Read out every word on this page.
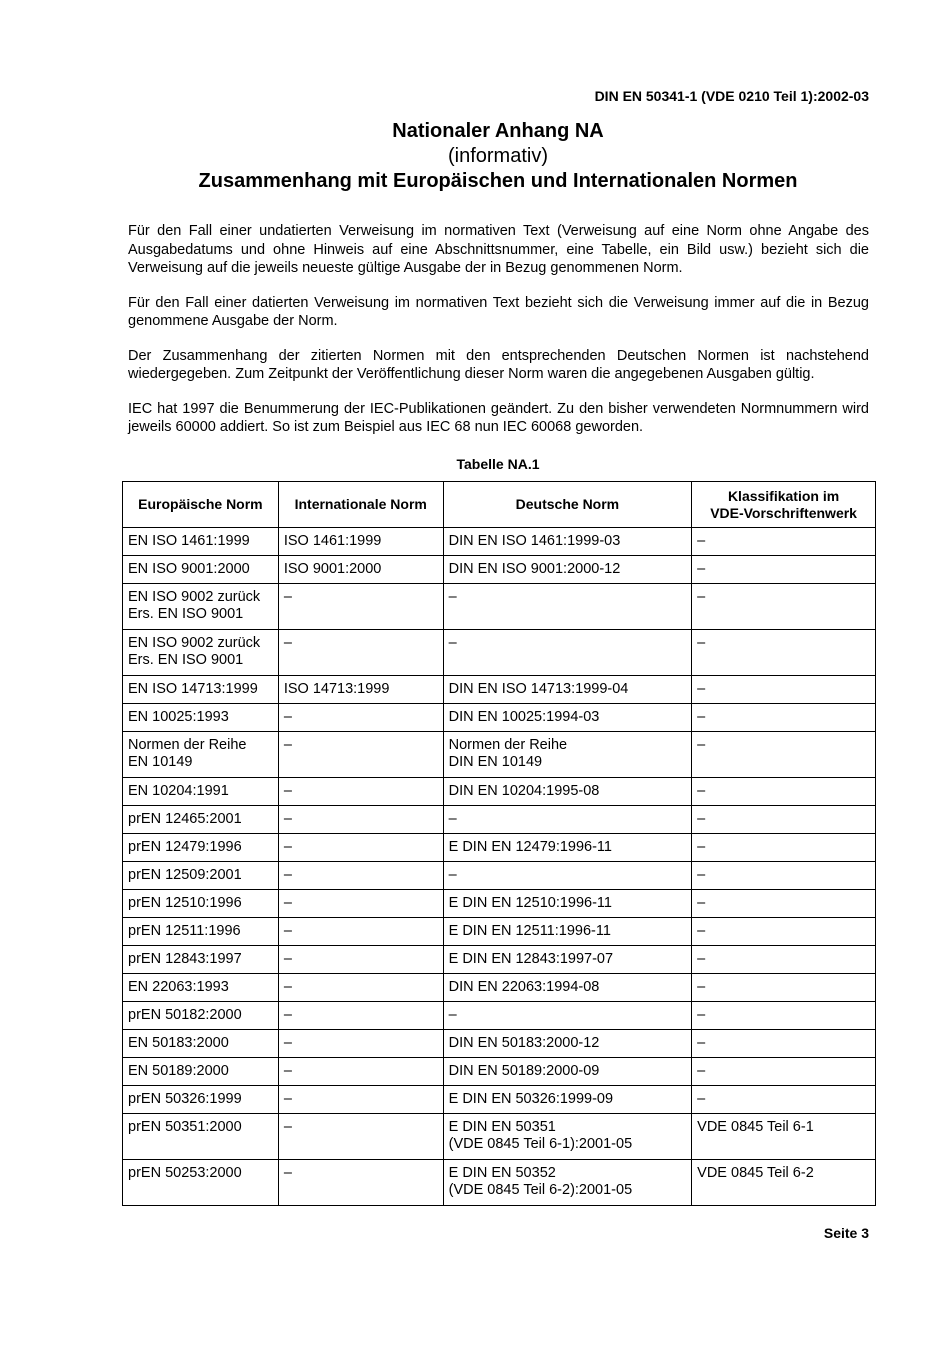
DIN EN 50341-1 (VDE 0210 Teil 1):2002-03
Nationaler Anhang NA
(informativ)
Zusammenhang mit Europäischen und Internationalen Normen

Für den Fall einer undatierten Verweisung im normativen Text (Verweisung auf eine Norm ohne Angabe des Ausgabedatums und ohne Hinweis auf eine Abschnittsnummer, eine Tabelle, ein Bild usw.) bezieht sich die Verweisung auf die jeweils neueste gültige Ausgabe der in Bezug genommenen Norm.

Für den Fall einer datierten Verweisung im normativen Text bezieht sich die Verweisung immer auf die in Bezug genommene Ausgabe der Norm.

Der Zusammenhang der zitierten Normen mit den entsprechenden Deutschen Normen ist nachstehend wiedergegeben. Zum Zeitpunkt der Veröffentlichung dieser Norm waren die angegebenen Ausgaben gültig.

IEC hat 1997 die Benummerung der IEC-Publikationen geändert. Zu den bisher verwendeten Normnummern wird jeweils 60000 addiert. So ist zum Beispiel aus IEC 68 nun IEC 60068 geworden.

Tabelle NA.1
Europäische Norm	Internationale Norm	Deutsche Norm	Klassifikation im
VDE-Vorschriftenwerk
EN ISO 1461:1999	ISO 1461:1999	DIN EN ISO 1461:1999-03	–
EN ISO 9001:2000	ISO 9001:2000	DIN EN ISO 9001:2000-12	–
EN ISO 9002 zurück
Ers. EN ISO 9001	–	–	–
EN ISO 9002 zurück
Ers. EN ISO 9001	–	–	–
EN ISO 14713:1999	ISO 14713:1999	DIN EN ISO 14713:1999-04	–
EN 10025:1993	–	DIN EN 10025:1994-03	–
Normen der Reihe
EN 10149	–	Normen der Reihe
DIN EN 10149	–
EN 10204:1991	–	DIN EN 10204:1995-08	–
prEN 12465:2001	–	–	–
prEN 12479:1996	–	E DIN EN 12479:1996-11	–
prEN 12509:2001	–	–	–
prEN 12510:1996	–	E DIN EN 12510:1996-11	–
prEN 12511:1996	–	E DIN EN 12511:1996-11	–
prEN 12843:1997	–	E DIN EN 12843:1997-07	–
EN 22063:1993	–	DIN EN 22063:1994-08	–
prEN 50182:2000	–	–	–
EN 50183:2000	–	DIN EN 50183:2000-12	–
EN 50189:2000	–	DIN EN 50189:2000-09	–
prEN 50326:1999	–	E DIN EN 50326:1999-09	–
prEN 50351:2000	–	E DIN EN 50351
(VDE 0845 Teil 6-1):2001-05	VDE 0845 Teil 6-1
prEN 50253:2000	–	E DIN EN 50352
(VDE 0845 Teil 6-2):2001-05	VDE 0845 Teil 6-2
Seite 3
